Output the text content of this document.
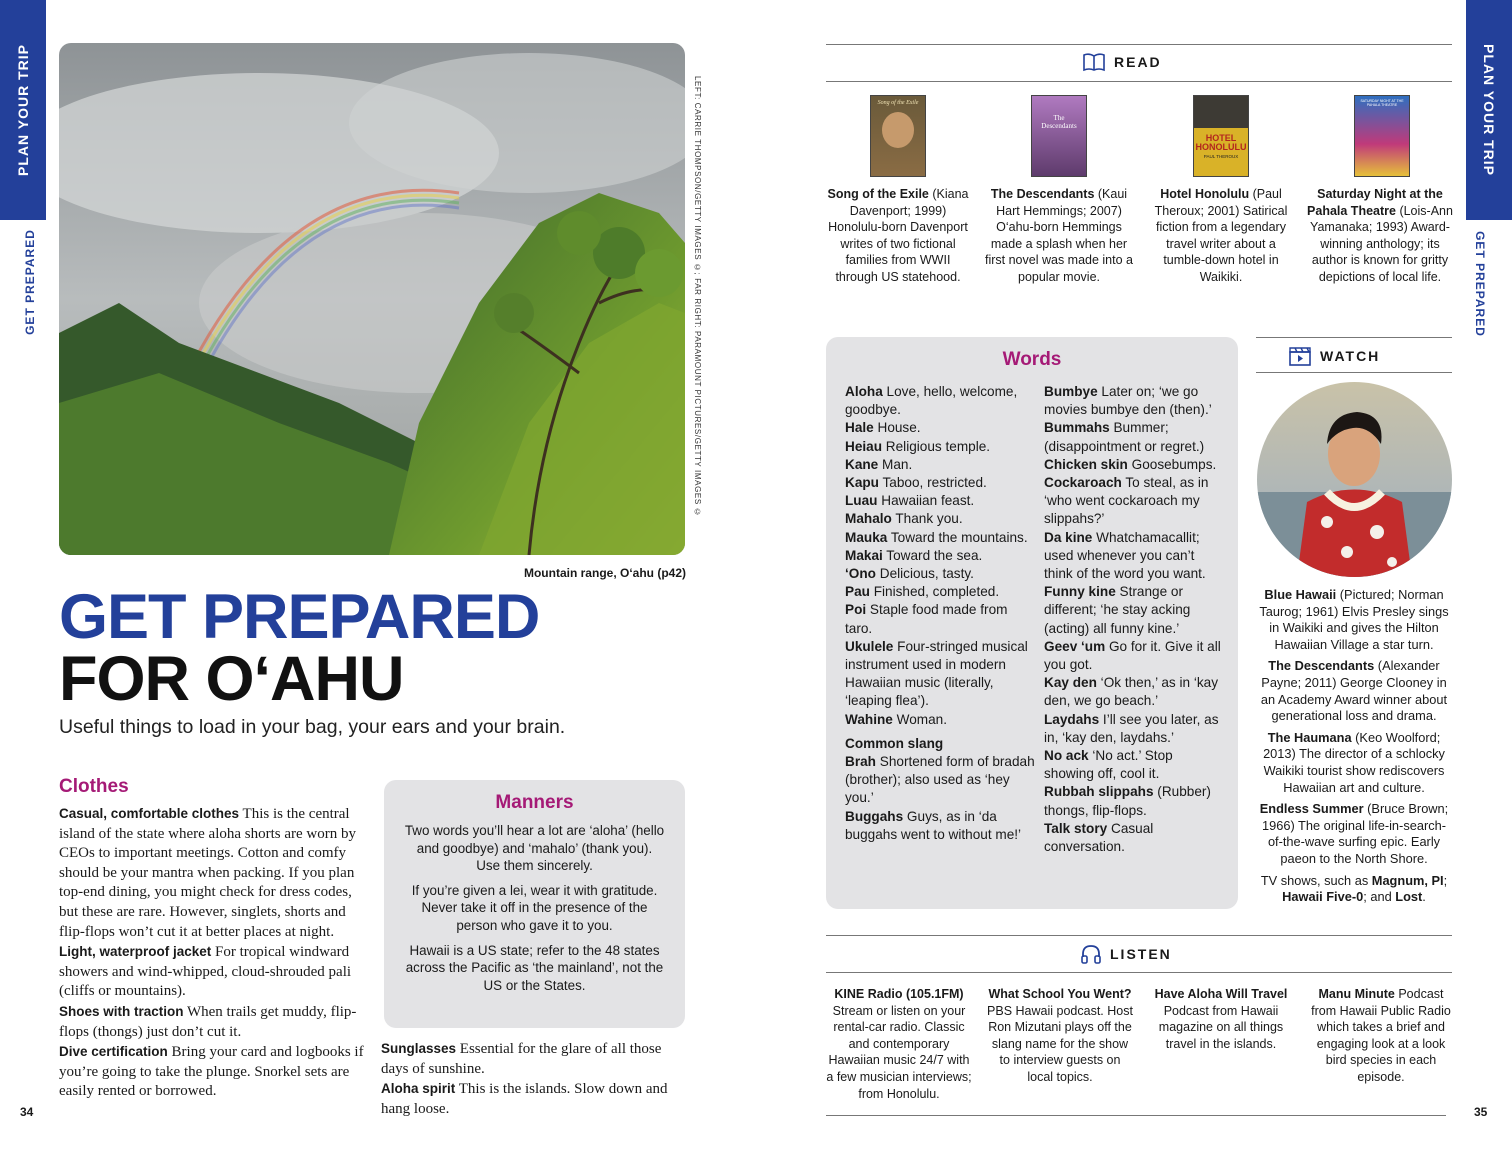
PLAN YOUR TRIP
GET PREPARED
PLAN YOUR TRIP
GET PREPARED
LEFT: CARRIE THOMPSON/GETTY IMAGES ©; FAR RIGHT: PARAMOUNT PICTURES/GETTY IMAGES ©
Mountain range, O‘ahu (p42)
GET PREPARED
FOR O‘AHU
Useful things to load in your bag, your ears and your brain.
Clothes
Casual, comfortable clothes This is the central island of the state where aloha shorts are worn by CEOs to important meetings. Cotton and comfy should be your mantra when packing. If you plan top-end dining, you might check for dress codes, but these are rare. However, singlets, shorts and flip-flops won’t cut it at better places at night.
Light, waterproof jacket For tropical windward showers and wind-whipped, cloud-shrouded pali (cliffs or mountains).
Shoes with traction When trails get muddy, flip-flops (thongs) just don’t cut it.
Dive certification Bring your card and logbooks if you’re going to take the plunge. Snorkel sets are easily rented or borrowed.
Sunglasses Essential for the glare of all those days of sunshine.
Aloha spirit This is the islands. Slow down and hang loose.
Manners

Two words you’ll hear a lot are ‘aloha’ (hello and goodbye) and ‘mahalo’ (thank you). Use them sincerely.

If you’re given a lei, wear it with gratitude. Never take it off in the presence of the person who gave it to you.

Hawaii is a US state; refer to the 48 states across the Pacific as ‘the mainland’, not the US or the States.

34	35
READ
Song of the Exile
The Descendants
HOTEL HONOLULU
PAUL THEROUX
SATURDAY NIGHT AT THE PAHALA THEATRE
Song of the Exile (Kiana Davenport; 1999) Honolulu-born Davenport writes of two fictional families from WWII through US statehood.
The Descendants (Kaui Hart Hemmings; 2007) O‘ahu-born Hemmings made a splash when her first novel was made into a popular movie.
Hotel Honolulu (Paul Theroux; 2001) Satirical fiction from a legendary travel writer about a tumble-down hotel in Waikiki.
Saturday Night at the Pahala Theatre (Lois-Ann Yamanaka; 1993) Award-winning anthology; its author is known for gritty depictions of local life.
Words

Aloha Love, hello, welcome, goodbye.

Hale House.

Heiau Religious temple.

Kane Man.

Kapu Taboo, restricted.

Luau Hawaiian feast.

Mahalo Thank you.

Mauka Toward the mountains.

Makai Toward the sea.

‘Ono Delicious, tasty.

Pau Finished, completed.

Poi Staple food made from taro.

Ukulele Four-stringed musical instrument used in modern Hawaiian music (literally, ‘leaping flea’).

Wahine Woman.

Common slang

Brah Shortened form of bradah (brother); also used as ‘hey you.’

Buggahs Guys, as in ‘da buggahs went to without me!’

Bumbye Later on; ‘we go movies bumbye den (then).’

Bummahs Bummer; (disappointment or regret.)

Chicken skin Goosebumps.

Cockaroach To steal, as in ‘who went cockaroach my slippahs?’

Da kine Whatchamacallit; used whenever you can’t think of the word you want.

Funny kine Strange or different; ‘he stay acking (acting) all funny kine.’

Geev ‘um Go for it. Give it all you got.

Kay den ‘Ok then,’ as in ‘kay den, we go beach.’

Laydahs I’ll see you later, as in, ‘kay den, laydahs.’

No ack ‘No act.’ Stop showing off, cool it.

Rubbah slippahs (Rubber) thongs, flip-flops.

Talk story Casual conversation.

WATCH

Blue Hawaii (Pictured; Norman Taurog; 1961) Elvis Presley sings in Waikiki and gives the Hilton Hawaiian Village a star turn.

The Descendants (Alexander Payne; 2011) George Clooney in an Academy Award winner about generational loss and drama.

The Haumana (Keo Woolford; 2013) The director of a schlocky Waikiki tourist show rediscovers Hawaiian art and culture.

Endless Summer (Bruce Brown; 1966) The original life-in-search-of-the-wave surfing epic. Early paeon to the North Shore.

TV shows, such as Magnum, PI; Hawaii Five-0; and Lost.

LISTEN
KINE Radio (105.1FM) Stream or listen on your rental-car radio. Classic and contemporary Hawaiian music 24/7 with a few musician interviews; from Honolulu.
What School You Went? PBS Hawaii podcast. Host Ron Mizutani plays off the slang name for the show to interview guests on local topics.
Have Aloha Will Travel Podcast from Hawaii magazine on all things travel in the islands.
Manu Minute Podcast from Hawaii Public Radio which takes a brief and engaging look at a look bird species in each episode.
